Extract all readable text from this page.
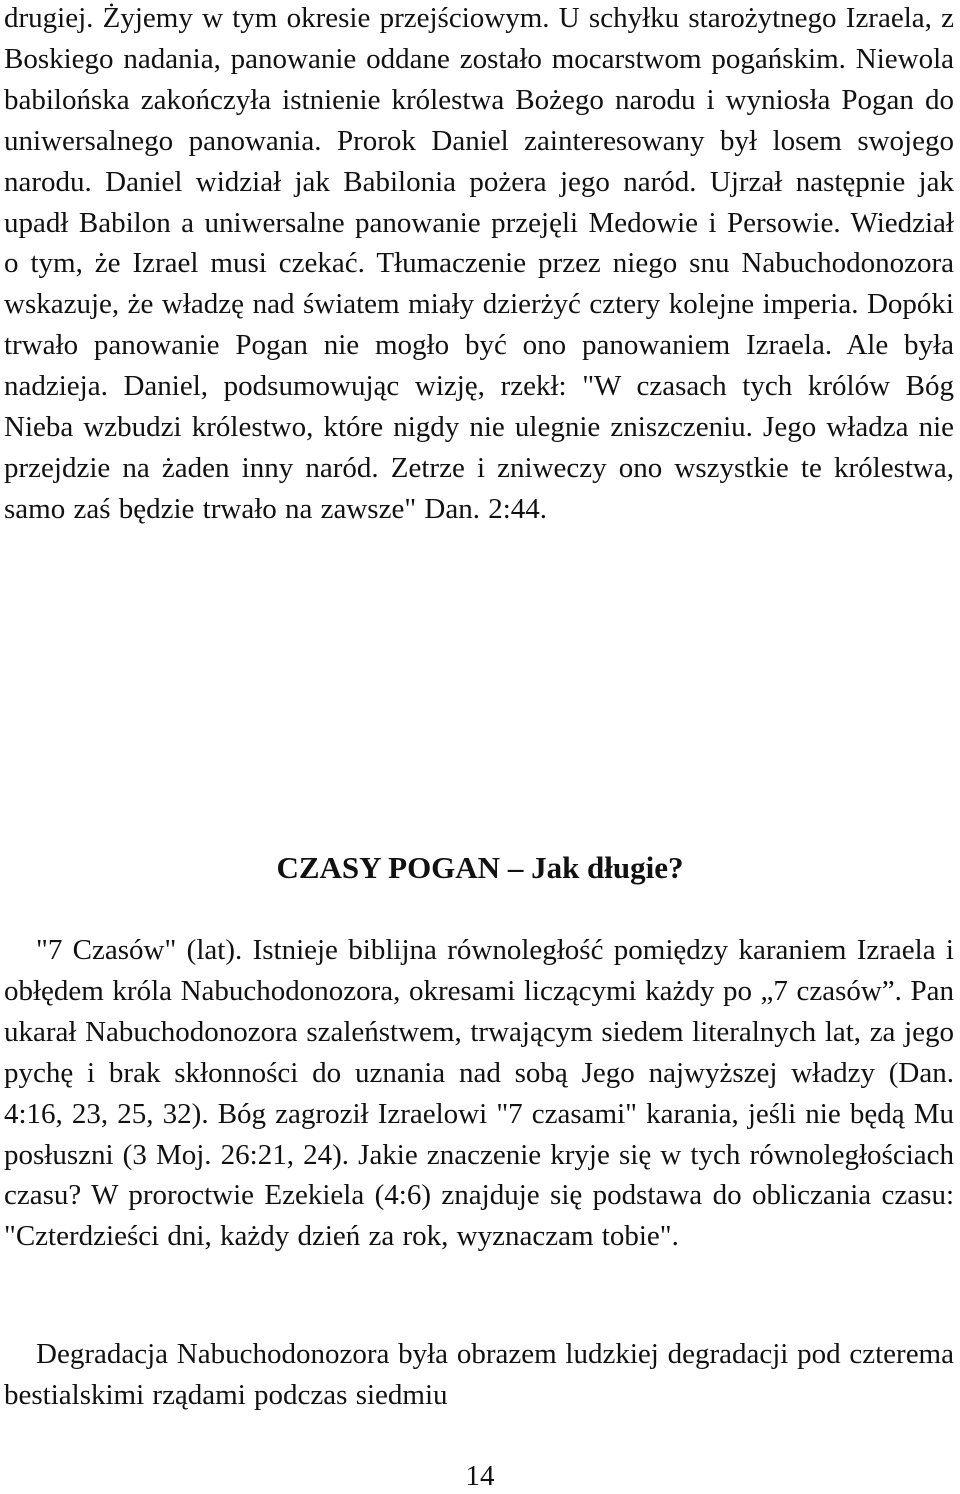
drugiej. Żyjemy w tym okresie przejściowym. U schyłku starożytnego Izraela, z Boskiego nadania, panowanie oddane zostało mocarstwom pogańskim. Niewola babilońska zakończyła istnienie królestwa Bożego narodu i wyniosła Pogan do uniwersalnego panowania. Prorok Daniel zainteresowany był losem swojego narodu. Daniel widział jak Babilonia pożera jego naród. Ujrzał następnie jak upadł Babilon a uniwersalne panowanie przejęli Medowie i Persowie. Wiedział o tym, że Izrael musi czekać. Tłumaczenie przez niego snu Nabuchodonozora wskazuje, że władzę nad światem miały dzierżyć cztery kolejne imperia. Dopóki trwało panowanie Pogan nie mogło być ono panowaniem Izraela. Ale była nadzieja. Daniel, podsumowując wizję, rzekł: "W czasach tych królów Bóg Nieba wzbudzi królestwo, które nigdy nie ulegnie zniszczeniu. Jego władza nie przejdzie na żaden inny naród. Zetrze i zniweczy ono wszystkie te królestwa, samo zaś będzie trwało na zawsze" Dan. 2:44.

CZASY POGAN – Jak długie?

"7 Czasów" (lat). Istnieje biblijna równoległość pomiędzy karaniem Izraela i obłędem króla Nabuchodonozora, okresami liczącymi każdy po „7 czasów”. Pan ukarał Nabuchodonozora szaleństwem, trwającym siedem literalnych lat, za jego pychę i brak skłonności do uznania nad sobą Jego najwyższej władzy (Dan. 4:16, 23, 25, 32). Bóg zagroził Izraelowi "7 czasami" karania, jeśli nie będą Mu posłuszni (3 Moj. 26:21, 24). Jakie znaczenie kryje się w tych równoległościach czasu? W proroctwie Ezekiela (4:6) znajduje się podstawa do obliczania czasu: "Czterdzieści dni, każdy dzień za rok, wyznaczam tobie".

Degradacja Nabuchodonozora była obrazem ludzkiej degradacji pod czterema bestialskimi rządami podczas siedmiu

14
